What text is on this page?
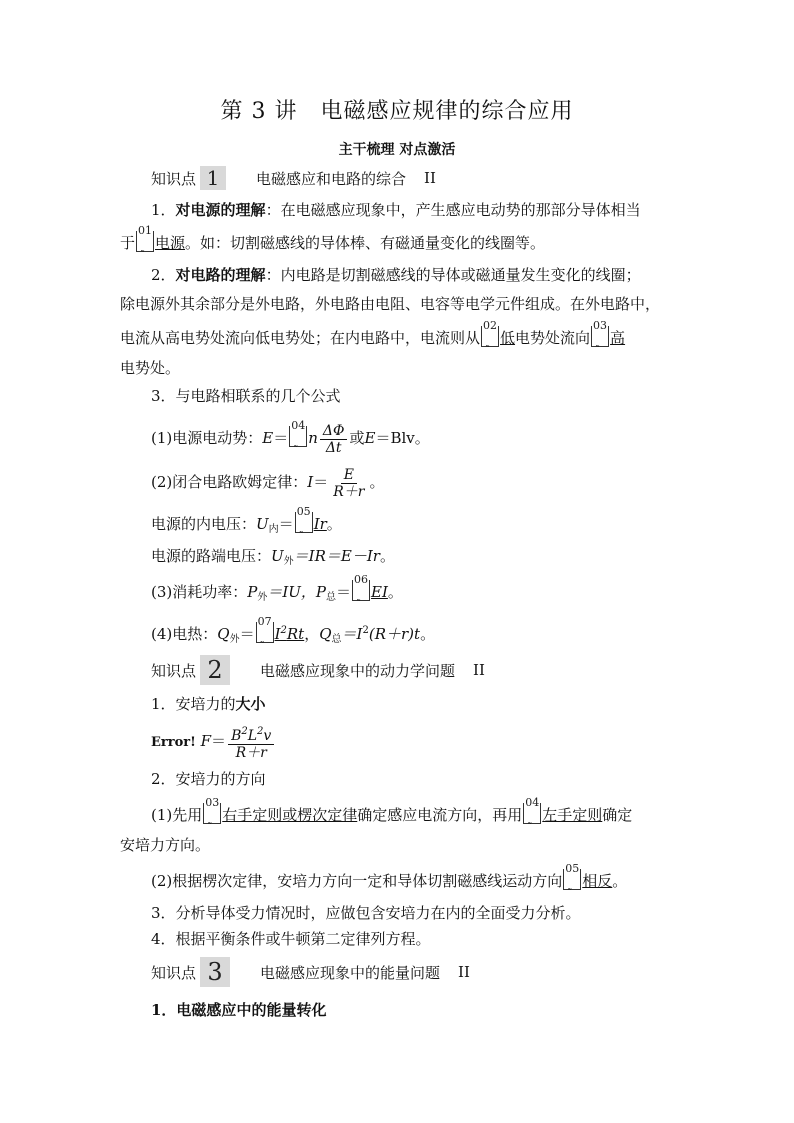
第 3 讲　电磁感应规律的综合应用
主干梳理 对点激活
知识点 1	电磁感应和电路的综合 II
1．对电源的理解：在电磁感应现象中，产生感应电动势的那部分导体相当
于
01
˜
电源。如：切割磁感线的导体棒、有磁通量变化的线圈等。
2．对电路的理解：内电路是切割磁感线的导体或磁通量发生变化的线圈；
除电源外其余部分是外电路，外电路由电阻、电容等电学元件组成。在外电路中，
电流从高电势处流向低电势处；在内电路中，电流则从
02
˜
低电势处流向
03
˜
高
电势处。
3．与电路相联系的几个公式
(1)电源电动势：E＝
04
˜
n $\frac{\Delta\Phi}{\Delta t}$ 或E＝Blv。
(2)闭合电路欧姆定律：$I= \frac{E}{R+r}$ 。
电源的内电压：$U_内=$
05
˜
Ir。
电源的路端电压：$U_外=IR=E-Ir$。
(3)消耗功率：$P_外=IU$，$P_总=$
06
˜
EI。
(4)电热：$Q_外=$
07
˜
$I^2Rt$，$Q_总=I^2(R+r)t$。
知识点 2	电磁感应现象中的动力学问题 II
1．安培力的大小
Error! $F= \frac{B^2L^2v}{R+r}$
2．安培力的方向
(1)先用
03
˜
右手定则或楞次定律确定感应电流方向，再用
04
˜
左手定则确定
安培力方向。
(2)根据楞次定律，安培力方向一定和导体切割磁感线运动方向
05
˜
相反。
3．分析导体受力情况时，应做包含安培力在内的全面受力分析。
4．根据平衡条件或牛顿第二定律列方程。
知识点 3	电磁感应现象中的能量问题 II
1．电磁感应中的能量转化
